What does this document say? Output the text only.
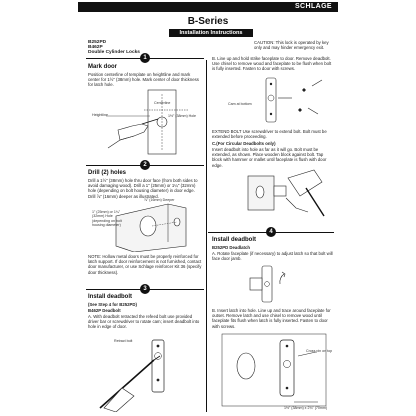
SCHLAGE
B-Series
Installation Instructions
B252PD
B462P
Double Cylinder Locks
CAUTION: This lock is operated by key only and may hinder emergency exit.
1
Mark door
Position centerline of template on heightline and mark center for 1½" (38mm) hole. Mark center of door thickness for latch hole.
Heightline
Centerline
1½" (38mm) Hole
2
Drill (2) holes
Drill a 1½" (38mm) hole thru door face (from both sides to avoid damaging wood). Drill a 1" (25mm) or 1¼" (32mm) hole (depending on bolt housing diameter) in door edge. Drill ⅞" (16mm) deeper as illustrated.
⅞" (16mm) Deeper
1" (25mm) or 1¼" (32mm) Hole (depending on bolt housing diameter)
NOTE: Hollow metal doors must be properly reinforced for latch support. If door reinforcement is not furnished, contact door manufacturer, or use Schlage reinforcer Kit 36 (specify door thickness).
3
Install deadbolt
(See Step 4 for B252PD)
B462P Deadbolt
A. With deadbolt retracted the refeed bolt use provided driver bar or screwdriver to rotate cam; insert deadbolt into hole in edge of door.
Retract bolt
B. Line up and hold strike faceplate to door. Remove deadbolt. Use chisel to remove wood and faceplate to be flush when bolt is fully inserted. Fasten to door with screws.
Cam at bottom
EXTEND BOLT Use screwdriver to extend bolt. Bolt must be extended before proceeding.
C.(For Circular Deadbolts only)
Insert deadbolt into hole as far as it will go. Bolt must be extended, as shown. Place wooden block against bolt. Tap block with hammer or mallet until faceplate is flush with door edge.
4
Install deadbolt
B252PD Deadlatch
A. Rotate faceplate (if necessary) to adjust latch so that bolt will face door jamb.
B. Insert latch into hole. Line up and trace around faceplate for outset. Remove latch and use chisel to remove wood until faceplate fits flush when latch is fully inserted. Fasten to door with screws.
Cross pin on top
1½" (38mm) x 2¾" (70mm)
